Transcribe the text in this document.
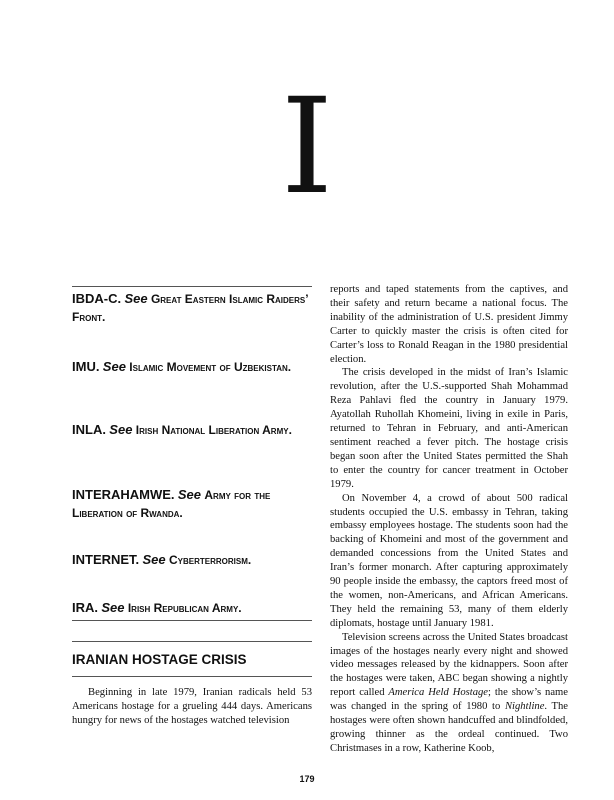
I
IBDA-C. See Great Eastern Islamic Raiders’ Front.
IMU. See Islamic Movement of Uzbekistan.
INLA. See Irish National Liberation Army.
INTERAHAMWE. See Army for the Liberation of Rwanda.
INTERNET. See Cyberterrorism.
IRA. See Irish Republican Army.
IRANIAN HOSTAGE CRISIS

Beginning in late 1979, Iranian radicals held 53 Americans hostage for a grueling 444 days. Americans hungry for news of the hostages watched television

reports and taped statements from the captives, and their safety and return became a national focus. The inability of the administration of U.S. president Jimmy Carter to quickly master the crisis is often cited for Carter’s loss to Ronald Reagan in the 1980 presidential election.

The crisis developed in the midst of Iran’s Islamic revolution, after the U.S.-supported Shah Mohammad Reza Pahlavi fled the country in January 1979. Ayatollah Ruhollah Khomeini, living in exile in Paris, returned to Tehran in February, and anti-American sentiment reached a fever pitch. The hostage crisis began soon after the United States permitted the Shah to enter the country for cancer treatment in October 1979.

On November 4, a crowd of about 500 radical students occupied the U.S. embassy in Tehran, taking embassy employees hostage. The students soon had the backing of Khomeini and most of the government and demanded concessions from the United States and Iran’s former monarch. After capturing approximately 90 people inside the embassy, the captors freed most of the women, non-Americans, and African Americans. They held the remaining 53, many of them elderly diplomats, hostage until January 1981.

Television screens across the United States broadcast images of the hostages nearly every night and showed video messages released by the kidnappers. Soon after the hostages were taken, ABC began showing a nightly report called America Held Hostage; the show’s name was changed in the spring of 1980 to Nightline. The hostages were often shown handcuffed and blindfolded, growing thinner as the ordeal continued. Two Christmases in a row, Katherine Koob,

179
